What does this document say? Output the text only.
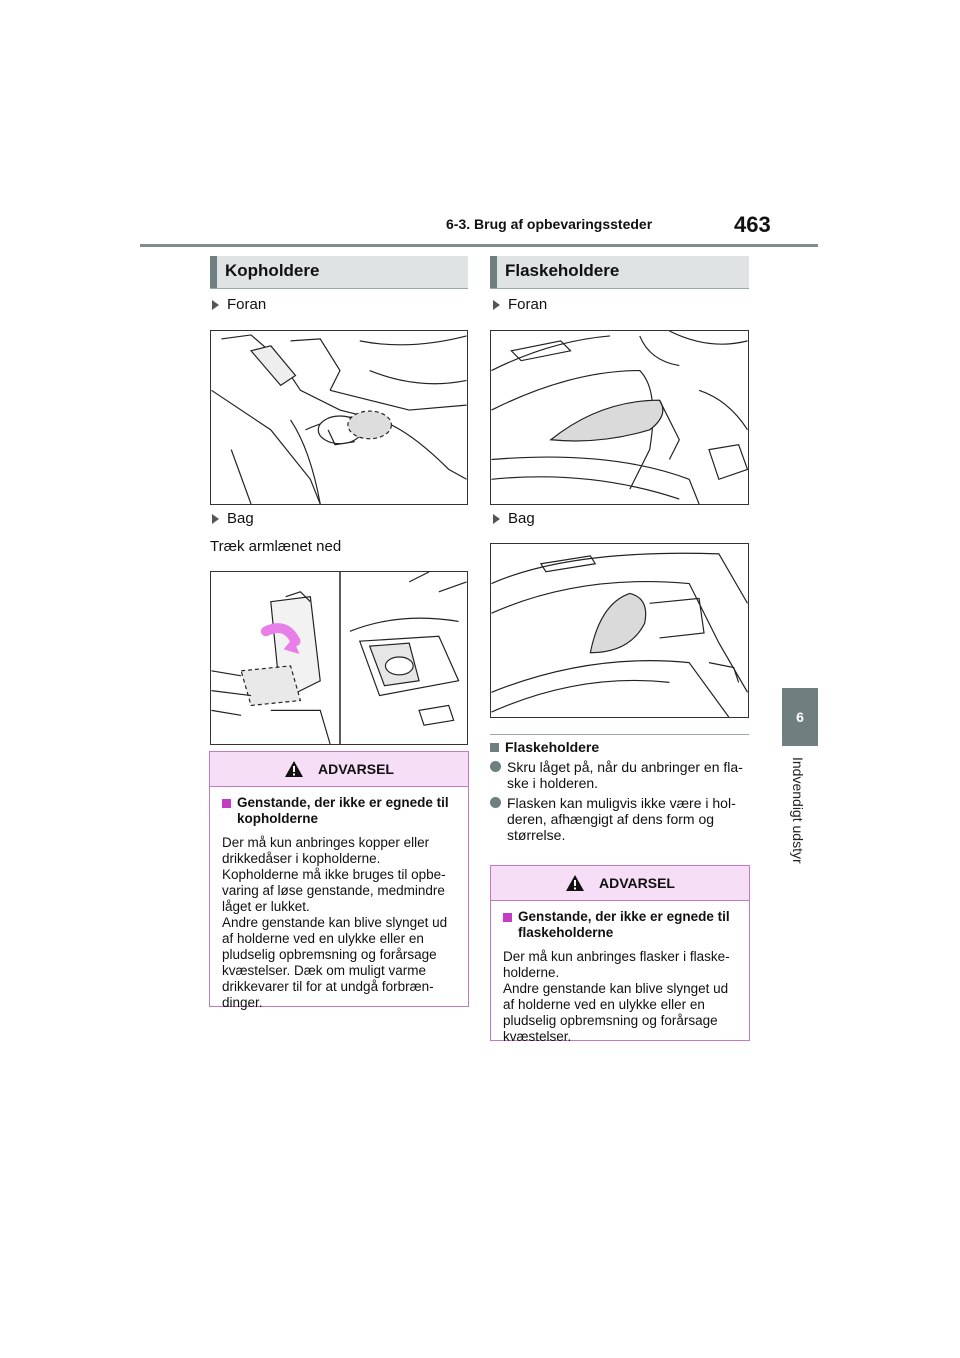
6-3. Brug af opbevaringssteder	463
6
Indvendigt udstyr
Kopholdere
Foran
Bag
Træk armlænet ned
ADVARSEL
Genstande, der ikke er egnede til kopholderne
Der må kun anbringes kopper eller
drikkedåser i kopholderne.
Kopholderne må ikke bruges til opbe-
varing af løse genstande, medmindre
låget er lukket.
Andre genstande kan blive slynget ud
af holderne ved en ulykke eller en
pludselig opbremsning og forårsage
kvæstelser. Dæk om muligt varme
drikkevarer til for at undgå forbræn-
dinger.
Flaskeholdere
Foran
Bag
Flaskeholdere
Skru låget på, når du anbringer en fla-
ske i holderen.
Flasken kan muligvis ikke være i hol-
deren, afhængigt af dens form og
størrelse.
ADVARSEL
Genstande, der ikke er egnede til flaskeholderne
Der må kun anbringes flasker i flaske-
holderne.
Andre genstande kan blive slynget ud
af holderne ved en ulykke eller en
pludselig opbremsning og forårsage
kvæstelser.
